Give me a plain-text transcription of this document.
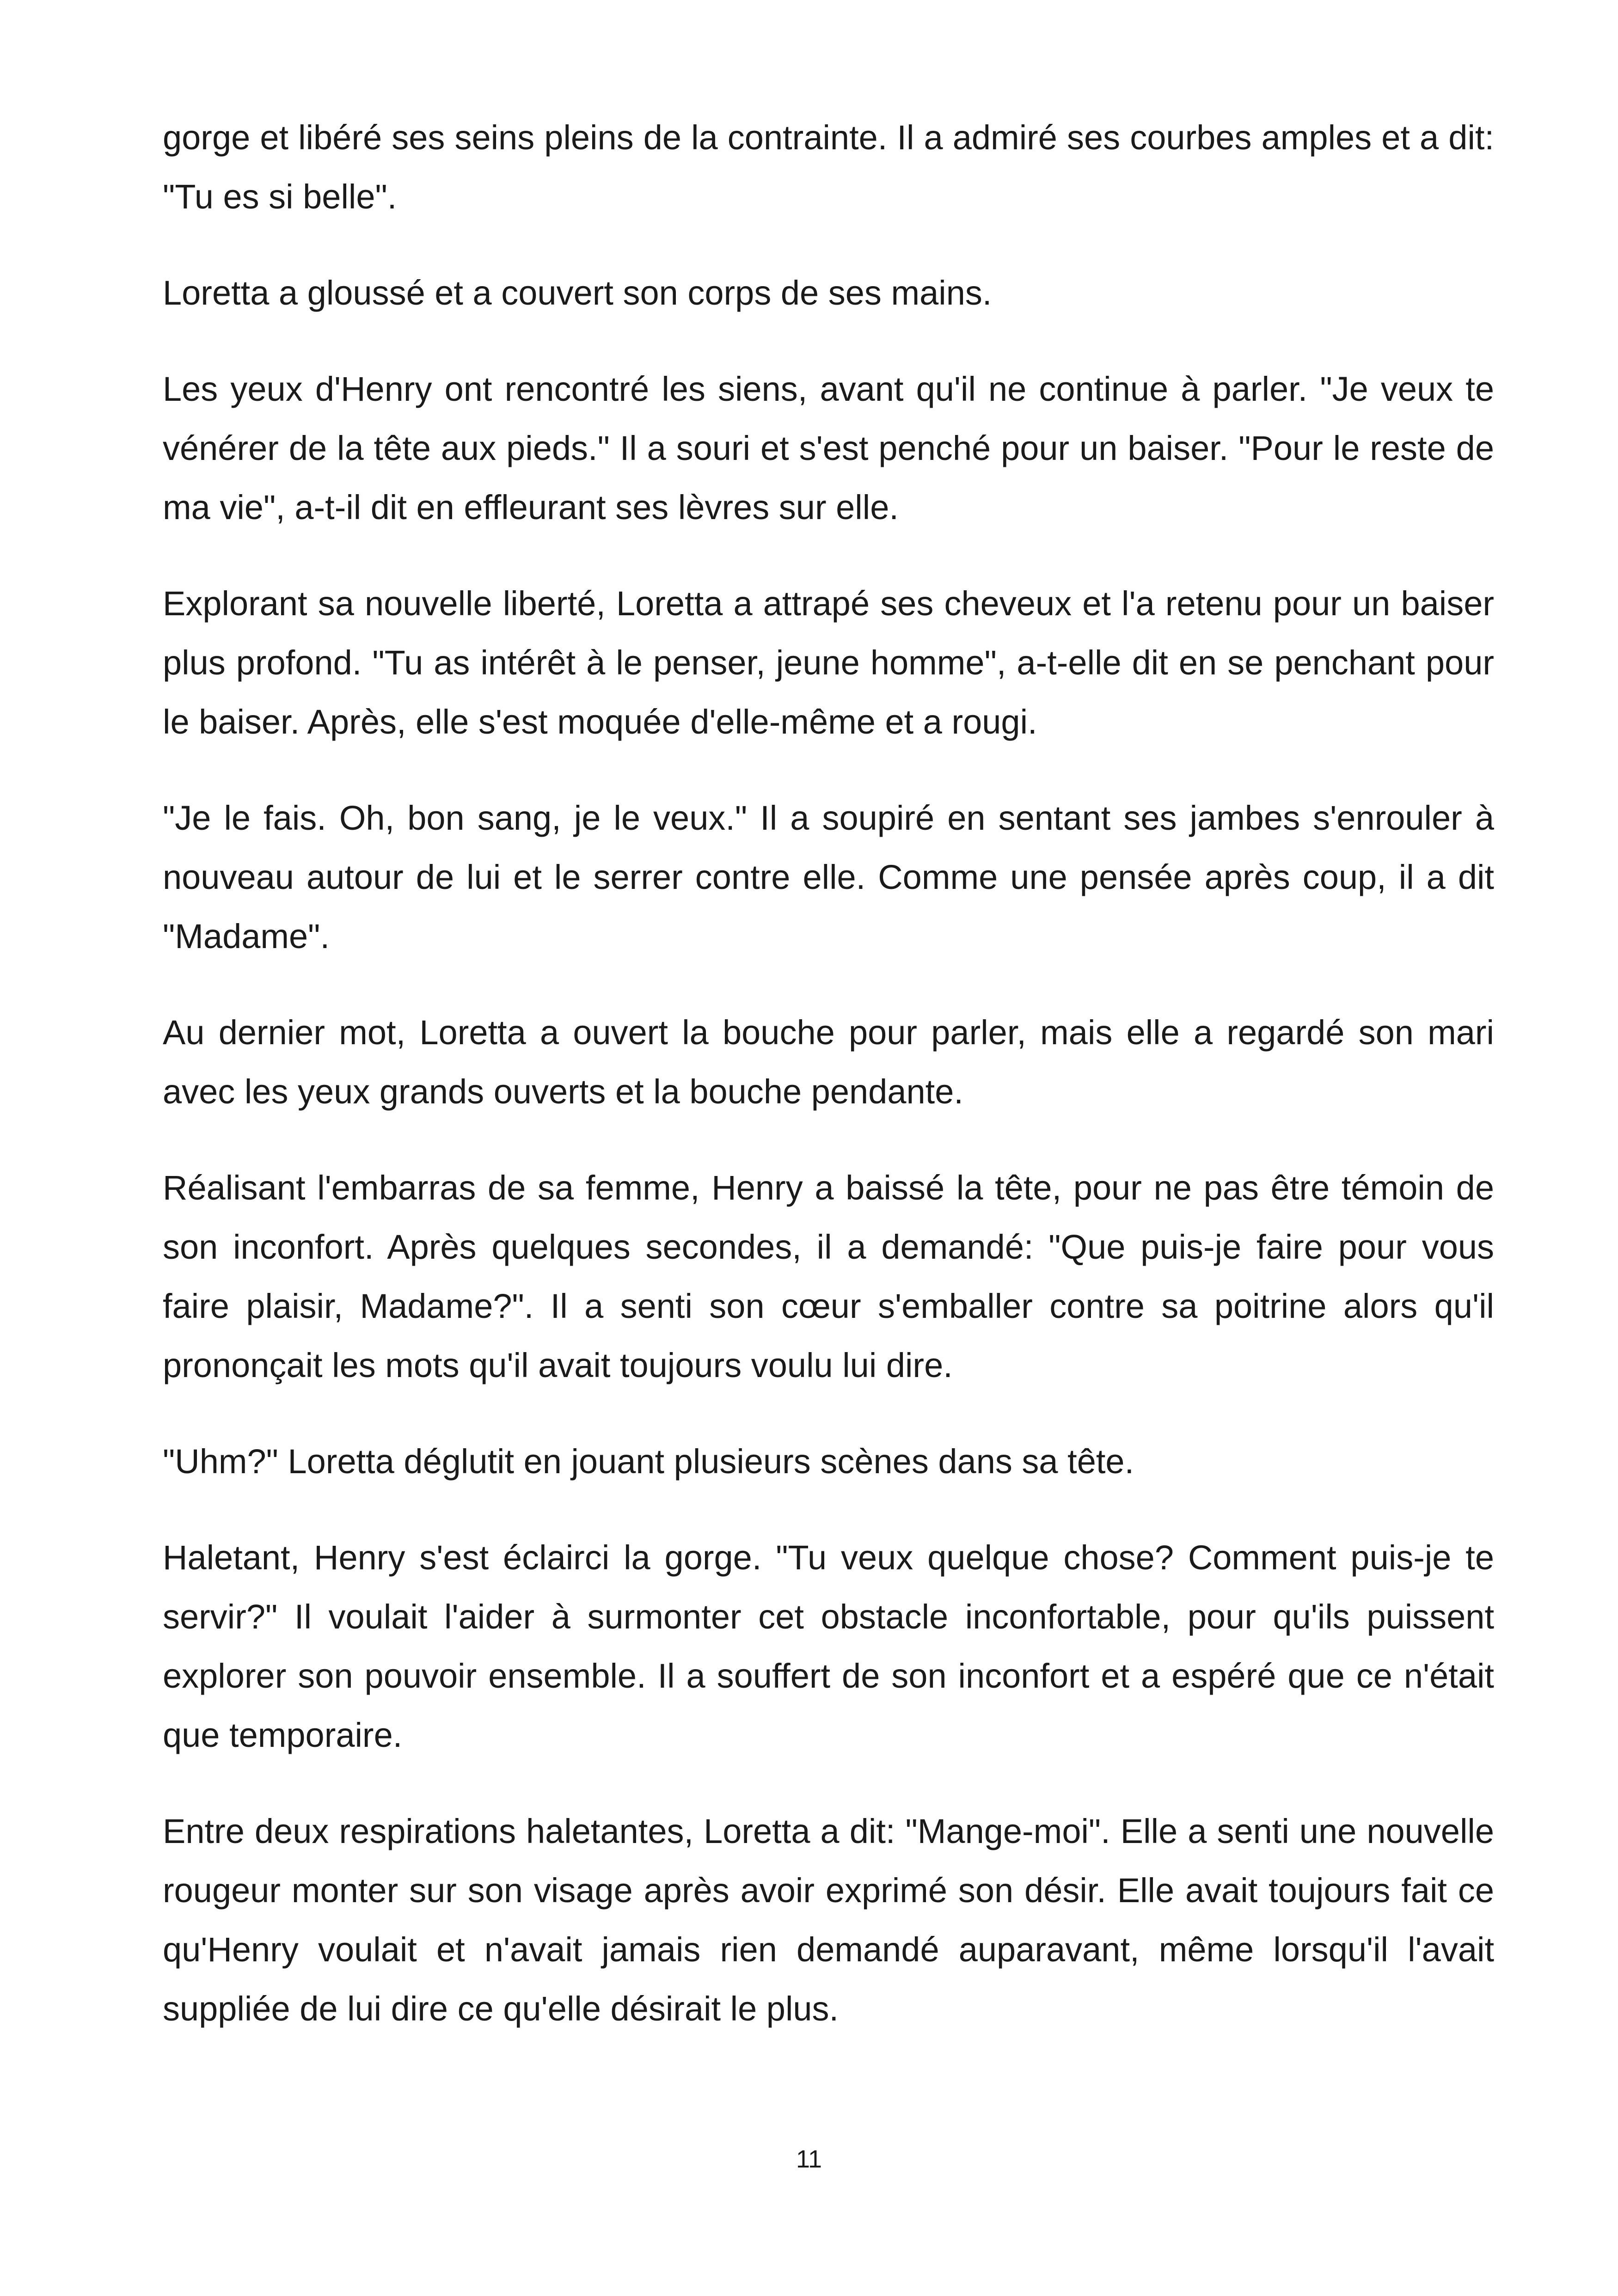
gorge et libéré ses seins pleins de la contrainte. Il a admiré ses courbes amples et a dit: "Tu es si belle".

Loretta a gloussé et a couvert son corps de ses mains.

Les yeux d'Henry ont rencontré les siens, avant qu'il ne continue à parler. "Je veux te vénérer de la tête aux pieds." Il a souri et s'est penché pour un baiser. "Pour le reste de ma vie", a-t-il dit en effleurant ses lèvres sur elle.

Explorant sa nouvelle liberté, Loretta a attrapé ses cheveux et l'a retenu pour un baiser plus profond. "Tu as intérêt à le penser, jeune homme", a-t-elle dit en se penchant pour le baiser. Après, elle s'est moquée d'elle-même et a rougi.

"Je le fais. Oh, bon sang, je le veux." Il a soupiré en sentant ses jambes s'enrouler à nouveau autour de lui et le serrer contre elle. Comme une pensée après coup, il a dit "Madame".

Au dernier mot, Loretta a ouvert la bouche pour parler, mais elle a regardé son mari avec les yeux grands ouverts et la bouche pendante.

Réalisant l'embarras de sa femme, Henry a baissé la tête, pour ne pas être témoin de son inconfort. Après quelques secondes, il a demandé: "Que puis-je faire pour vous faire plaisir, Madame?". Il a senti son cœur s'emballer contre sa poitrine alors qu'il prononçait les mots qu'il avait toujours voulu lui dire.

"Uhm?" Loretta déglutit en jouant plusieurs scènes dans sa tête.

Haletant, Henry s'est éclairci la gorge. "Tu veux quelque chose? Comment puis-je te servir?" Il voulait l'aider à surmonter cet obstacle inconfortable, pour qu'ils puissent explorer son pouvoir ensemble. Il a souffert de son inconfort et a espéré que ce n'était que temporaire.

Entre deux respirations haletantes, Loretta a dit: "Mange-moi". Elle a senti une nouvelle rougeur monter sur son visage après avoir exprimé son désir. Elle avait toujours fait ce qu'Henry voulait et n'avait jamais rien demandé auparavant, même lorsqu'il l'avait suppliée de lui dire ce qu'elle désirait le plus.

11
